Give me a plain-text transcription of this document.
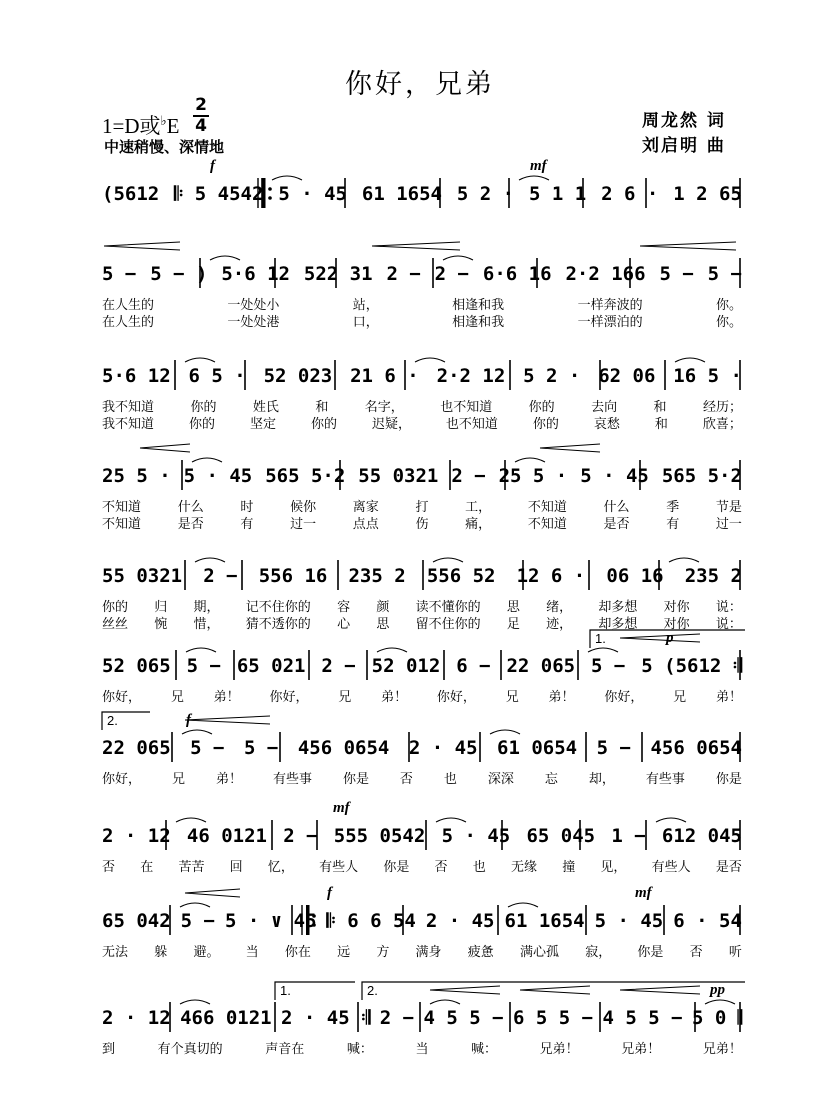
你好，兄弟
1=D或♭E
2
4
中速稍慢、深情地
周龙然 词
刘启明 曲
f	mf
(5612 𝄆 5 4542 5 · 45 61 1654 5 2 · 5 1 1 2 6 · 1 2 65
5 − 5 − ) 5·6 12 522 31 2 − 2 − 6·6 16 2·2 166 5 − 5 −
在人生的	一处处小	站，	相逢和我	一样奔波的	你。
在人生的	一处处港	口，	相逢和我	一样漂泊的	你。
5·6 12 6 5 · 52 023 21 6 · 2·2 12 5 2 · 62 06 16 5 ·
我不知道	你的	姓氏	和	名字，	也不知道	你的	去向	和	经历；
我不知道	你的	坚定	你的	迟疑，	也不知道	你的	哀愁	和	欣喜；
25 5 · 5 · 45 565 5·2 55 0321 2 − 25 5 · 5 · 45 565 5·2
不知道	什么	时	候你	离家	打	工，	不知道	什么	季	节是
不知道	是否	有	过一	点点	伤	痛，	不知道	是否	有	过一
55 0321 2 − 556 16 235 2 556 52 12 6 · 06 16 235 2
你的 归 期， 记不住你的 容 颜 读不懂你的 思 绪， 却多想 对你 说：
丝丝 惋 惜， 猜不透你的 心 思 留不住你的 足 迹， 却多想 对你 说：
p
1.
52 065 5 − 65 021 2 − 52 012 6 − 22 065 5 − 5 (5612 𝄇
你好， 兄 弟！ 你好， 兄 弟！ 你好， 兄 弟！ 你好， 兄 弟！
f
2.
22 065 5 − 5 − 456 0654 2 · 45 61 0654 5 − 456 0654
你好， 兄 弟！ 有些事 你是 否 也 深深 忘 却， 有些事 你是
mf
2 · 12 46 0121 2 − 555 0542 5 · 45 65 045 1 − 612 045
否 在 苦苦 回 忆， 有些人 你是 否 也 无缘 撞 见， 有些人 是否
f	mf
65 042 5 − 5 · ∨ 45 𝄆 6 6 54 2 · 45 61 1654 5 · 45 6 · 54
无法 躲 避。 当 你在 远 方 满身 疲惫 满心孤 寂， 你是 否 听
pp
1.	2.
2 · 12 466 0121 2 · 45 𝄇 2 − 4 5 5 − 6 5 5 − 4 5 5 − 5 0 𝄂
到	有个真切的	声音在	喊：	当	喊：	兄弟！	兄弟！	兄弟！
